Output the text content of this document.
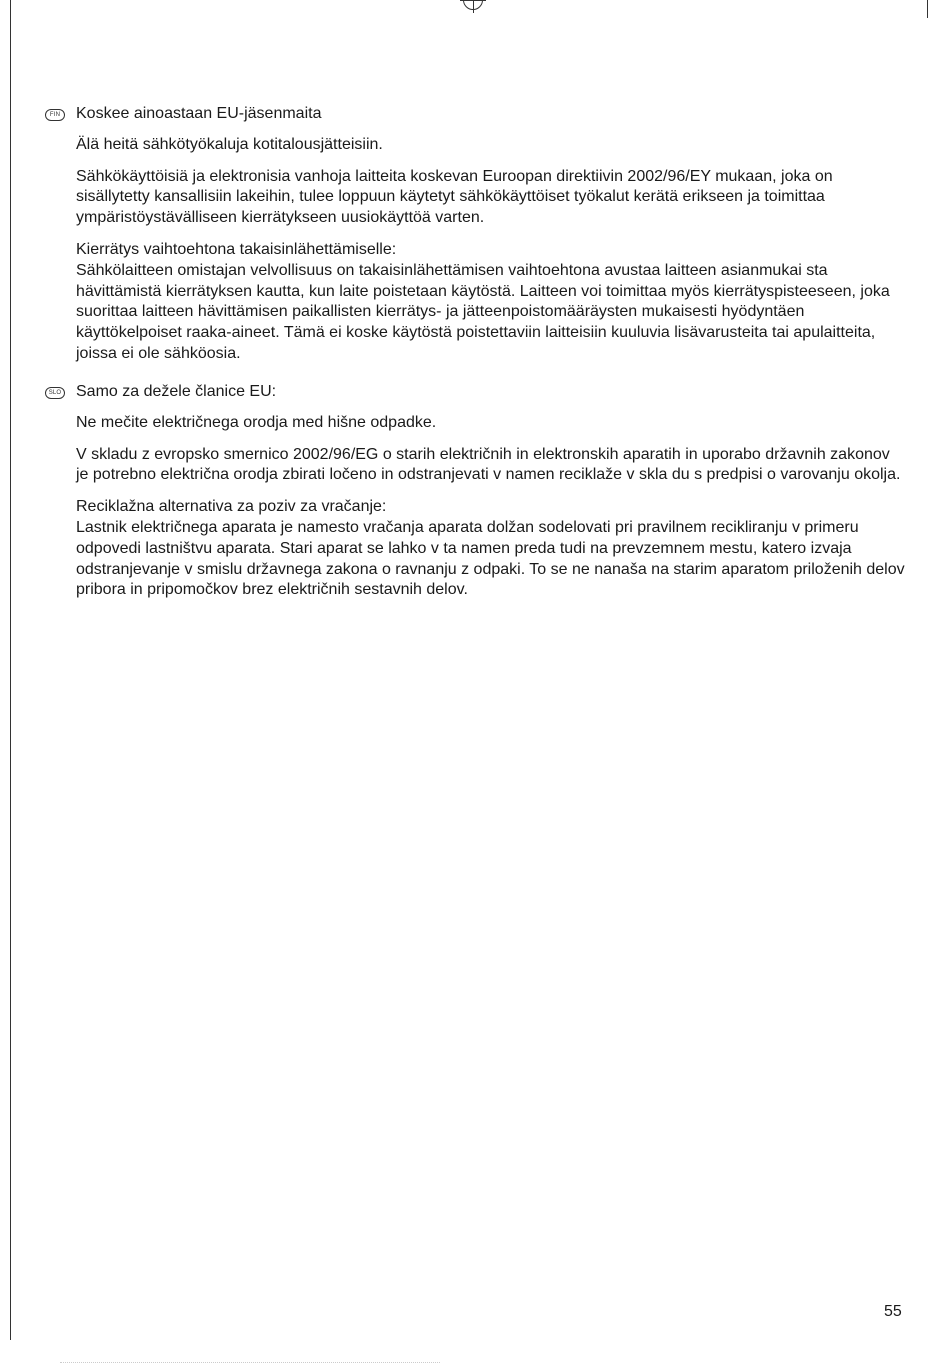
FIN Koskee ainoastaan EU-jäsenmaita

Älä heitä sähkötyökaluja kotitalousjätteisiin.

Sähkökäyttöisiä ja elektronisia vanhoja laitteita koskevan Euroopan direktiivin 2002/96/EY mukaan, joka on sisällytetty kansallisiin lakeihin, tulee loppuun käytetyt sähkökäyttöiset työkalut kerätä erikseen ja toimittaa ympäristöystävälliseen kierrätykseen uusiokäyttöä varten.

Kierrätys vaihtoehtona takaisinlähettämiselle:

Sähkölaitteen omistajan velvollisuus on takaisinlähettämisen vaihtoehtona avustaa laitteen asianmukai sta hävittämistä kierrätyksen kautta, kun laite poistetaan käytöstä. Laitteen voi toimittaa myös kierrätyspisteeseen, joka suorittaa laitteen hävittämisen paikallisten kierrätys- ja jätteenpoistomääräysten mukaisesti hyödyntäen käyttökelpoiset raaka-aineet. Tämä ei koske käytöstä poistettaviin laitteisiin kuuluvia lisävarusteita tai apulaitteita, joissa ei ole sähköosia.

SLO Samo za dežele članice EU:

Ne mečite električnega orodja med hišne odpadke.

V skladu z evropsko smernico 2002/96/EG o starih električnih in elektronskih aparatih in uporabo državnih zakonov je potrebno električna orodja zbirati ločeno in odstranjevati v namen reciklaže v skla du s predpisi o varovanju okolja.

Reciklažna alternativa za poziv za vračanje:

Lastnik električnega aparata je namesto vračanja aparata dolžan sodelovati pri pravilnem recikliranju v primeru odpovedi lastništvu aparata. Stari aparat se lahko v ta namen preda tudi na prevzemnem mestu, katero izvaja odstranjevanje v smislu državnega zakona o ravnanju z odpaki. To se ne nanaša na starim aparatom priloženih delov pribora in pripomočkov brez električnih sestavnih delov.

55
